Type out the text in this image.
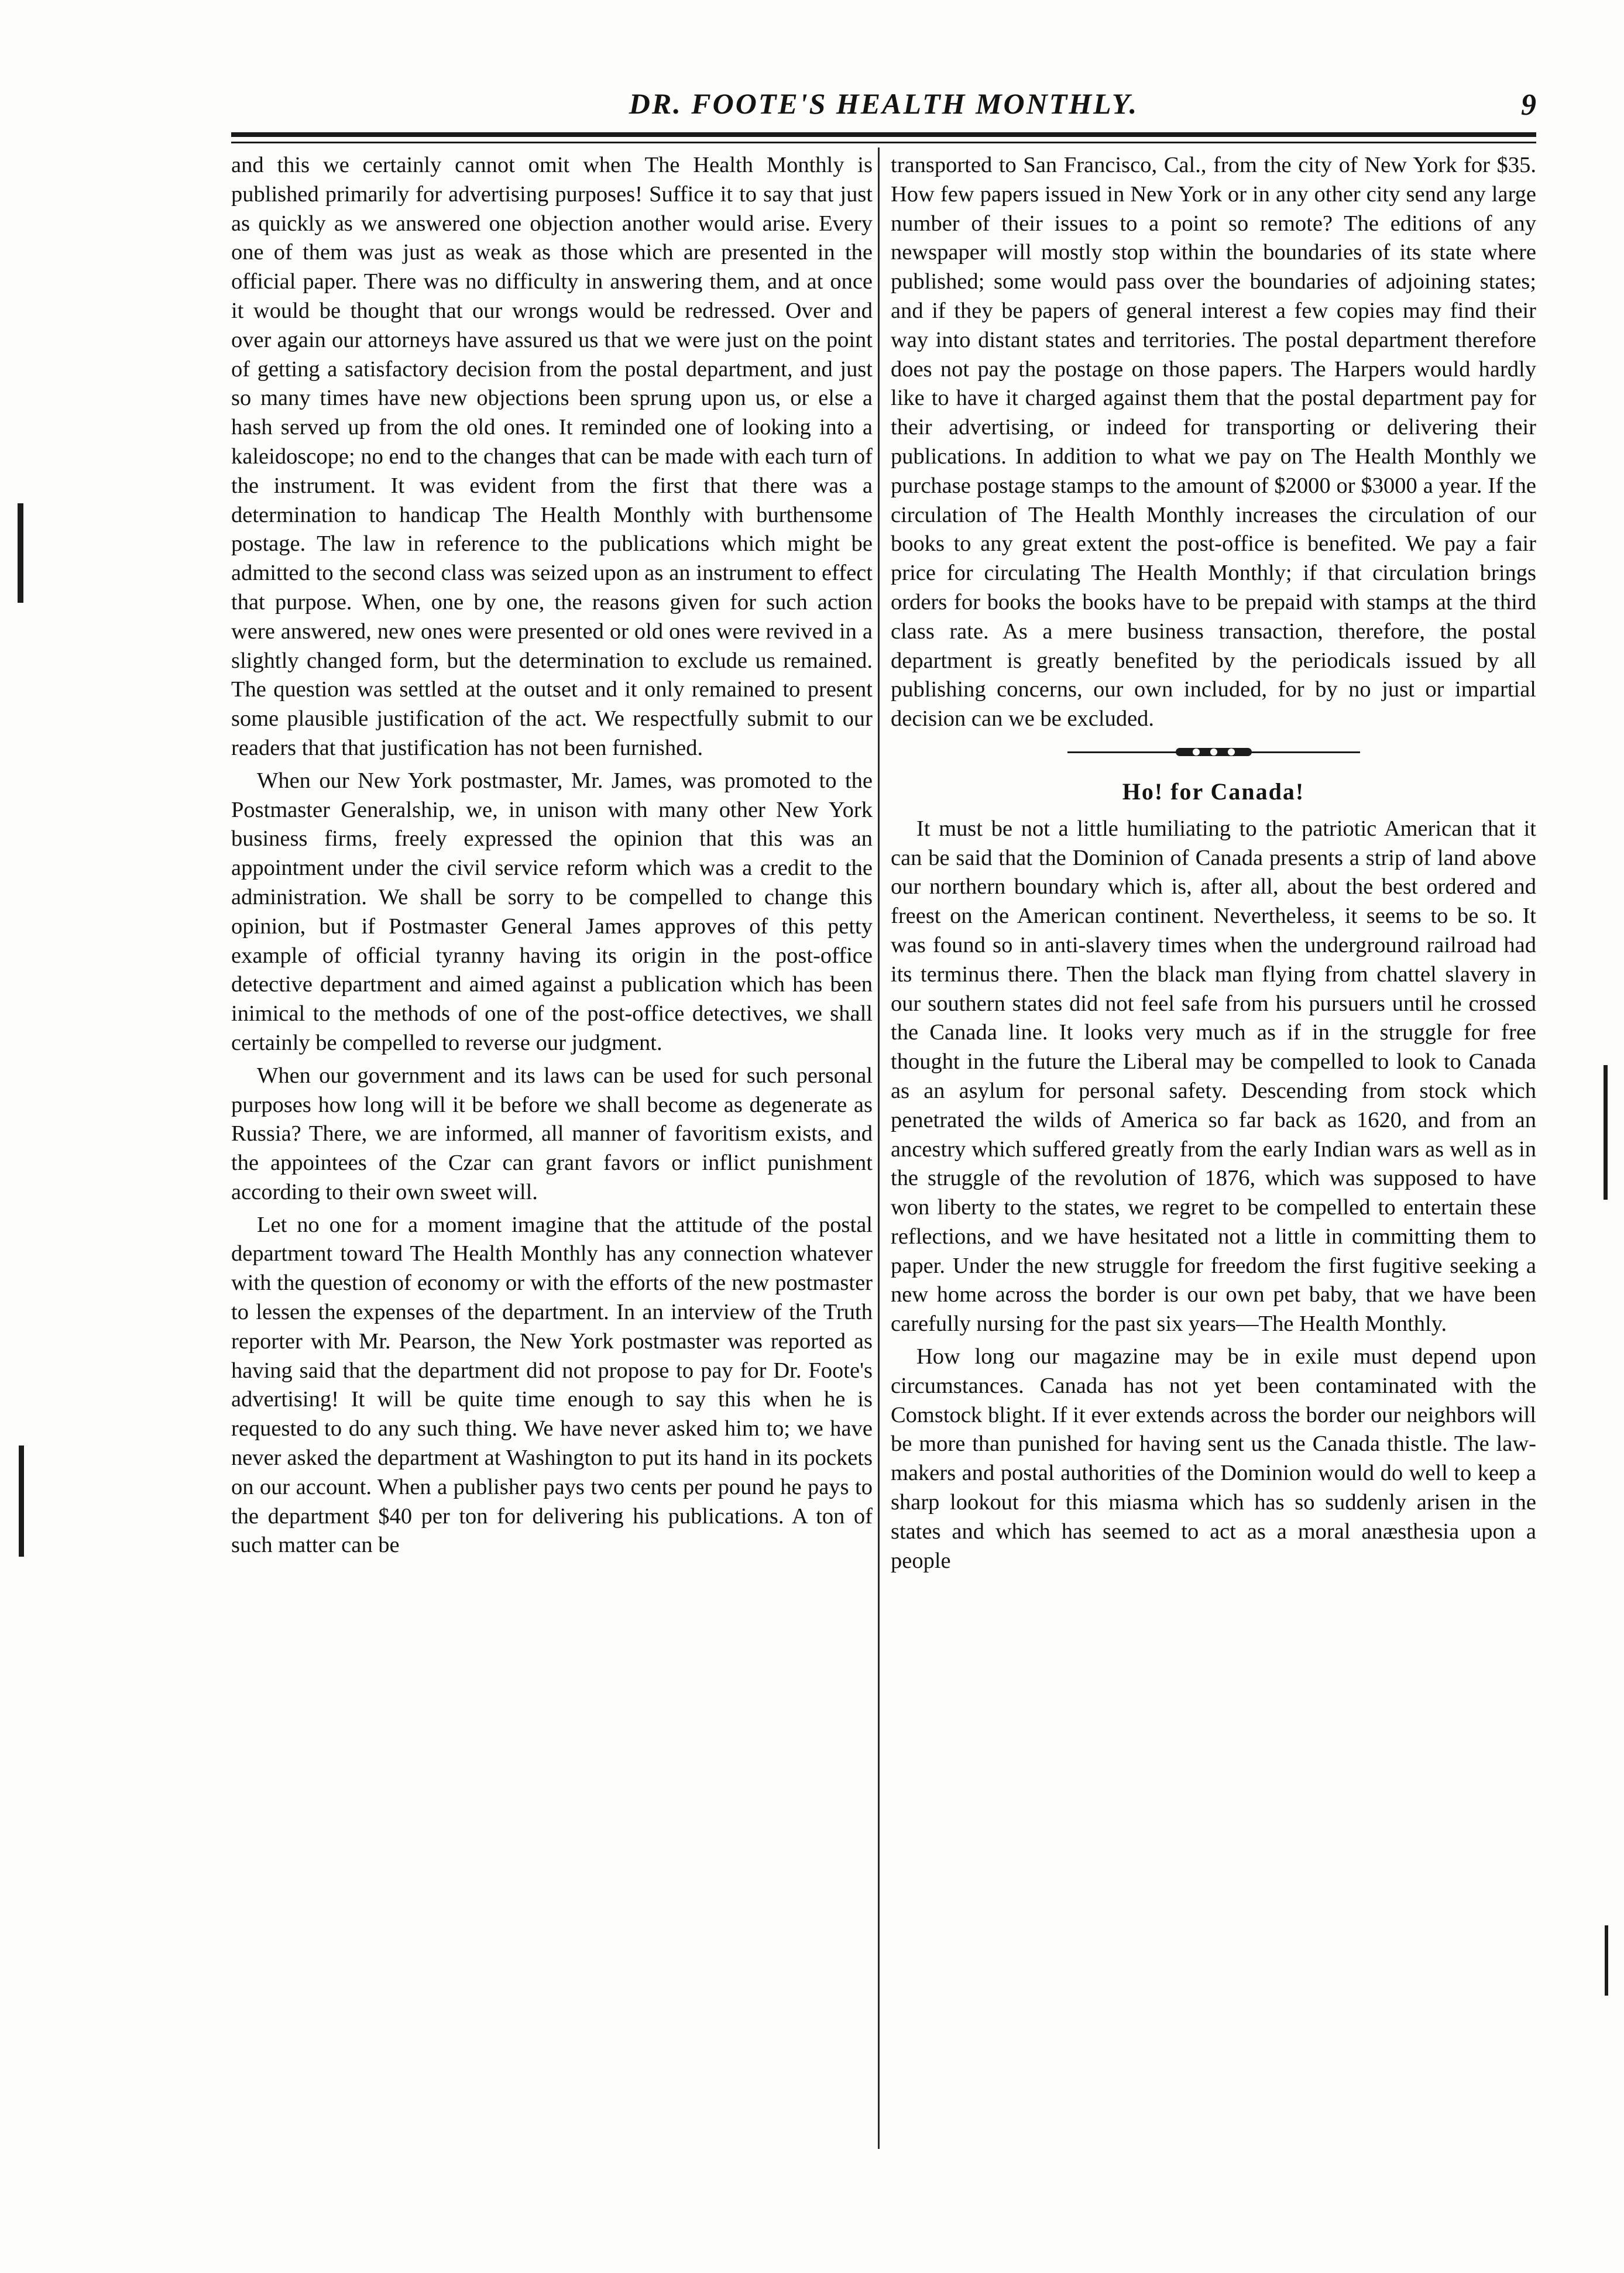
DR. FOOTE'S HEALTH MONTHLY.	9

and this we certainly cannot omit when The Health Monthly is published primarily for advertising purposes! Suffice it to say that just as quickly as we answered one objection another would arise. Every one of them was just as weak as those which are presented in the official paper. There was no difficulty in answering them, and at once it would be thought that our wrongs would be redressed. Over and over again our attorneys have assured us that we were just on the point of getting a satisfactory decision from the postal department, and just so many times have new objections been sprung upon us, or else a hash served up from the old ones. It reminded one of looking into a kaleidoscope; no end to the changes that can be made with each turn of the instrument. It was evident from the first that there was a determination to handicap The Health Monthly with burthensome postage. The law in reference to the publications which might be admitted to the second class was seized upon as an instrument to effect that purpose. When, one by one, the reasons given for such action were answered, new ones were presented or old ones were revived in a slightly changed form, but the determination to exclude us remained. The question was settled at the outset and it only remained to present some plausible justification of the act. We respectfully submit to our readers that that justification has not been furnished.

When our New York postmaster, Mr. James, was promoted to the Postmaster Generalship, we, in unison with many other New York business firms, freely expressed the opinion that this was an appointment under the civil service reform which was a credit to the administration. We shall be sorry to be compelled to change this opinion, but if Postmaster General James approves of this petty example of official tyranny having its origin in the post-office detective department and aimed against a publication which has been inimical to the methods of one of the post-office detectives, we shall certainly be compelled to reverse our judgment.

When our government and its laws can be used for such personal purposes how long will it be before we shall become as degenerate as Russia? There, we are informed, all manner of favoritism exists, and the appointees of the Czar can grant favors or inflict punishment according to their own sweet will.

Let no one for a moment imagine that the attitude of the postal department toward The Health Monthly has any connection whatever with the question of economy or with the efforts of the new postmaster to lessen the expenses of the department. In an interview of the Truth reporter with Mr. Pearson, the New York postmaster was reported as having said that the department did not propose to pay for Dr. Foote's advertising! It will be quite time enough to say this when he is requested to do any such thing. We have never asked him to; we have never asked the department at Washington to put its hand in its pockets on our account. When a publisher pays two cents per pound he pays to the department $40 per ton for delivering his publications. A ton of such matter can be

transported to San Francisco, Cal., from the city of New York for $35. How few papers issued in New York or in any other city send any large number of their issues to a point so remote? The editions of any newspaper will mostly stop within the boundaries of its state where published; some would pass over the boundaries of adjoining states; and if they be papers of general interest a few copies may find their way into distant states and territories. The postal department therefore does not pay the postage on those papers. The Harpers would hardly like to have it charged against them that the postal department pay for their advertising, or indeed for transporting or delivering their publications. In addition to what we pay on The Health Monthly we purchase postage stamps to the amount of $2000 or $3000 a year. If the circulation of The Health Monthly increases the circulation of our books to any great extent the post-office is benefited. We pay a fair price for circulating The Health Monthly; if that circulation brings orders for books the books have to be prepaid with stamps at the third class rate. As a mere business transaction, therefore, the postal department is greatly benefited by the periodicals issued by all publishing concerns, our own included, for by no just or impartial decision can we be excluded.

Ho! for Canada!

It must be not a little humiliating to the patriotic American that it can be said that the Dominion of Canada presents a strip of land above our northern boundary which is, after all, about the best ordered and freest on the American continent. Nevertheless, it seems to be so. It was found so in anti-slavery times when the underground railroad had its terminus there. Then the black man flying from chattel slavery in our southern states did not feel safe from his pursuers until he crossed the Canada line. It looks very much as if in the struggle for free thought in the future the Liberal may be compelled to look to Canada as an asylum for personal safety. Descending from stock which penetrated the wilds of America so far back as 1620, and from an ancestry which suffered greatly from the early Indian wars as well as in the struggle of the revolution of 1876, which was supposed to have won liberty to the states, we regret to be compelled to entertain these reflections, and we have hesitated not a little in committing them to paper. Under the new struggle for freedom the first fugitive seeking a new home across the border is our own pet baby, that we have been carefully nursing for the past six years—The Health Monthly.

How long our magazine may be in exile must depend upon circumstances. Canada has not yet been contaminated with the Comstock blight. If it ever extends across the border our neighbors will be more than punished for having sent us the Canada thistle. The law-makers and postal authorities of the Dominion would do well to keep a sharp lookout for this miasma which has so suddenly arisen in the states and which has seemed to act as a moral anæsthesia upon a people
